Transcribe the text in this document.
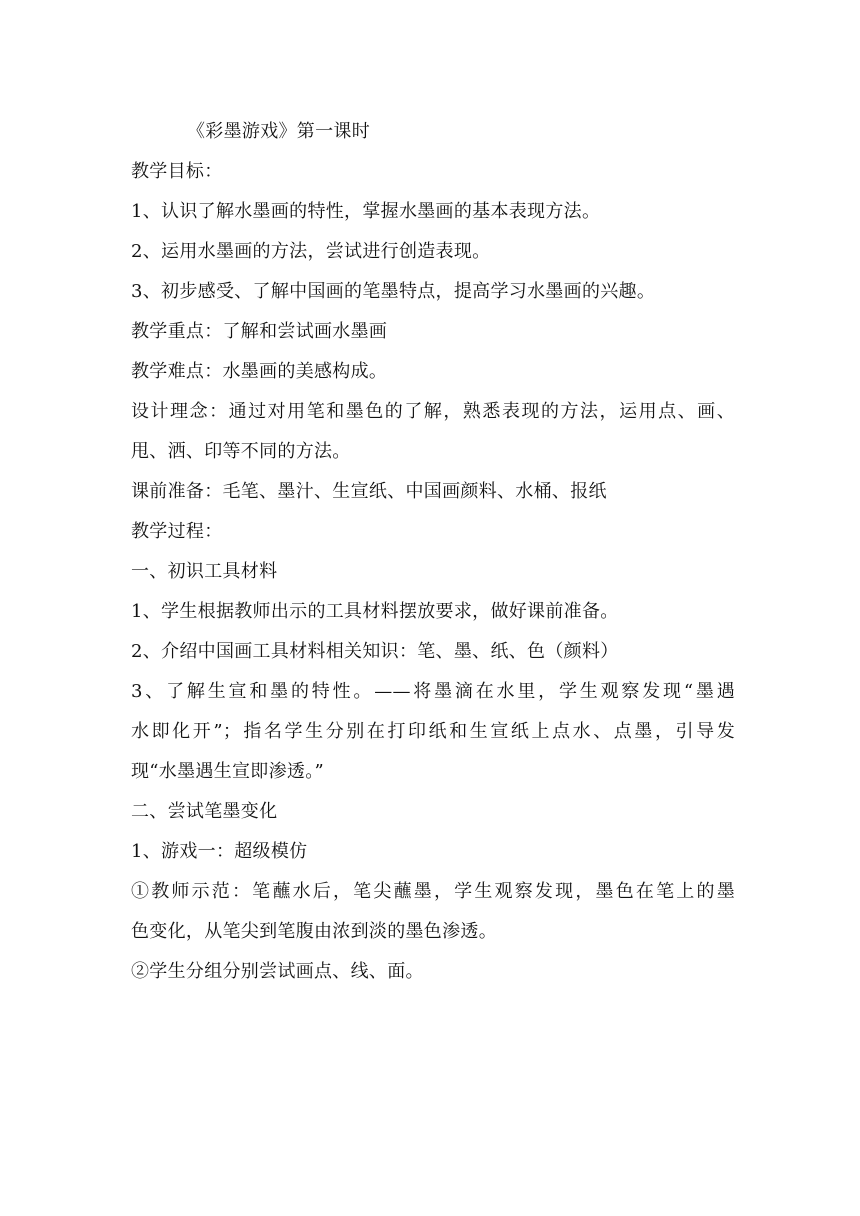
《彩墨游戏》第一课时
教学目标：
1、认识了解水墨画的特性，掌握水墨画的基本表现方法。
2、运用水墨画的方法，尝试进行创造表现。
3、初步感受、了解中国画的笔墨特点，提高学习水墨画的兴趣。
教学重点：了解和尝试画水墨画
教学难点：水墨画的美感构成。
设计理念：通过对用笔和墨色的了解，熟悉表现的方法，运用点、画、
甩、洒、印等不同的方法。
课前准备：毛笔、墨汁、生宣纸、中国画颜料、水桶、报纸
教学过程：
一、初识工具材料
1、学生根据教师出示的工具材料摆放要求，做好课前准备。
2、介绍中国画工具材料相关知识：笔、墨、纸、色（颜料）
3、了解生宣和墨的特性。——将墨滴在水里，学生观察发现“墨遇
水即化开”；指名学生分别在打印纸和生宣纸上点水、点墨，引导发
现“水墨遇生宣即渗透。”
二、尝试笔墨变化
1、游戏一：超级模仿
①教师示范：笔蘸水后，笔尖蘸墨，学生观察发现，墨色在笔上的墨
色变化，从笔尖到笔腹由浓到淡的墨色渗透。
②学生分组分别尝试画点、线、面。
